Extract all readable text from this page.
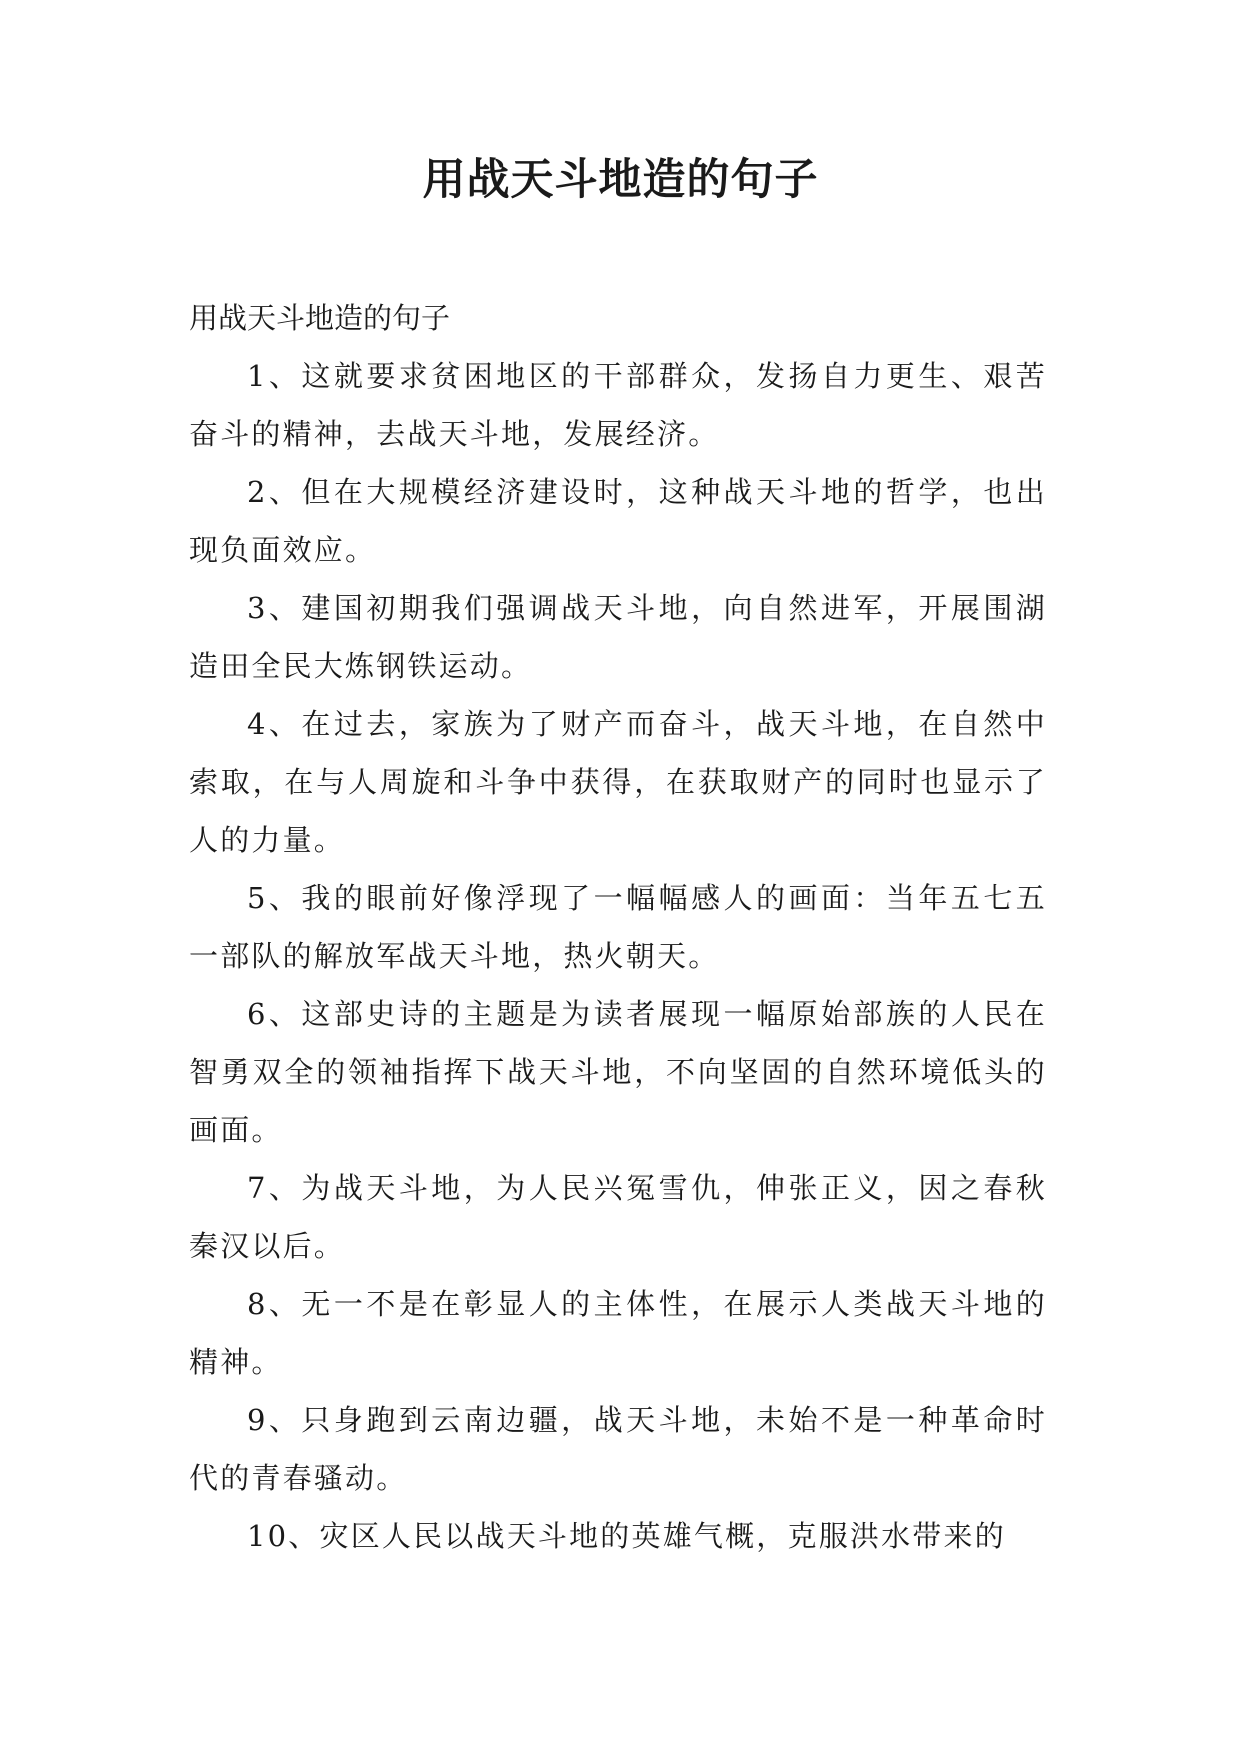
用战天斗地造的句子

用战天斗地造的句子

1、这就要求贫困地区的干部群众，发扬自力更生、艰苦奋斗的精神，去战天斗地，发展经济。

2、但在大规模经济建设时，这种战天斗地的哲学，也出现负面效应。

3、建国初期我们强调战天斗地，向自然进军，开展围湖造田全民大炼钢铁运动。

4、在过去，家族为了财产而奋斗，战天斗地，在自然中索取，在与人周旋和斗争中获得，在获取财产的同时也显示了人的力量。

5、我的眼前好像浮现了一幅幅感人的画面：当年五七五一部队的解放军战天斗地，热火朝天。

6、这部史诗的主题是为读者展现一幅原始部族的人民在智勇双全的领袖指挥下战天斗地，不向坚固的自然环境低头的画面。

7、为战天斗地，为人民兴冤雪仇，伸张正义，因之春秋秦汉以后。

8、无一不是在彰显人的主体性，在展示人类战天斗地的精神。

9、只身跑到云南边疆，战天斗地，未始不是一种革命时代的青春骚动。

10、灾区人民以战天斗地的英雄气概，克服洪水带来的
